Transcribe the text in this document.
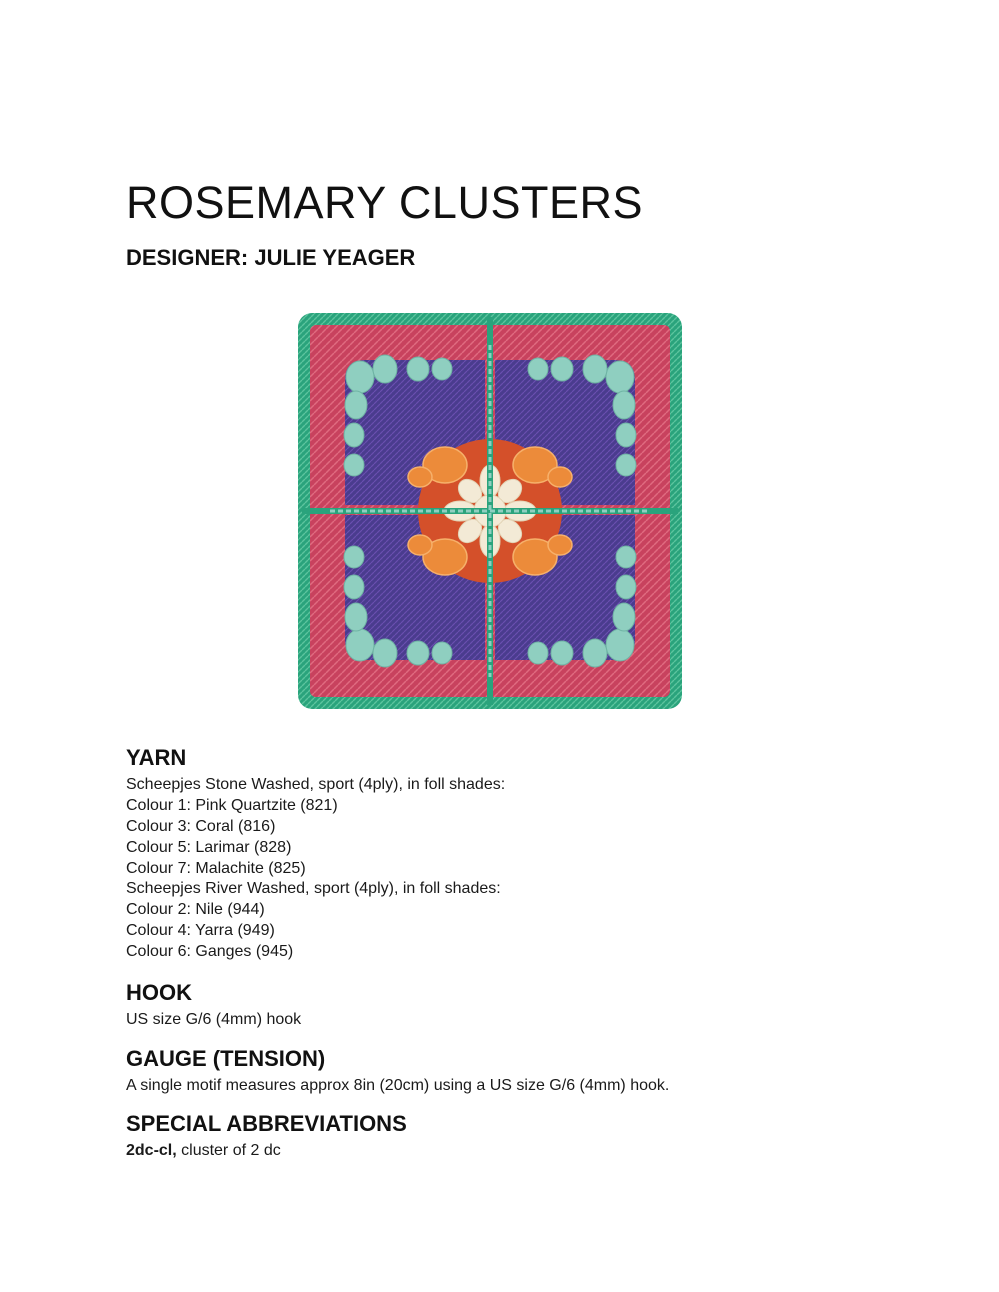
ROSEMARY CLUSTERS
DESIGNER: JULIE YEAGER
YARN
Scheepjes Stone Washed, sport (4ply), in foll shades:
Colour 1: Pink Quartzite (821)
Colour 3: Coral (816)
Colour 5: Larimar (828)
Colour 7: Malachite (825)
Scheepjes River Washed, sport (4ply), in foll shades:
Colour 2: Nile (944)
Colour 4: Yarra (949)
Colour 6: Ganges (945)
HOOK
US size G/6 (4mm) hook
GAUGE (TENSION)
A single motif measures approx 8in (20cm) using a US size G/6 (4mm) hook.
SPECIAL ABBREVIATIONS
2dc-cl, cluster of 2 dc
